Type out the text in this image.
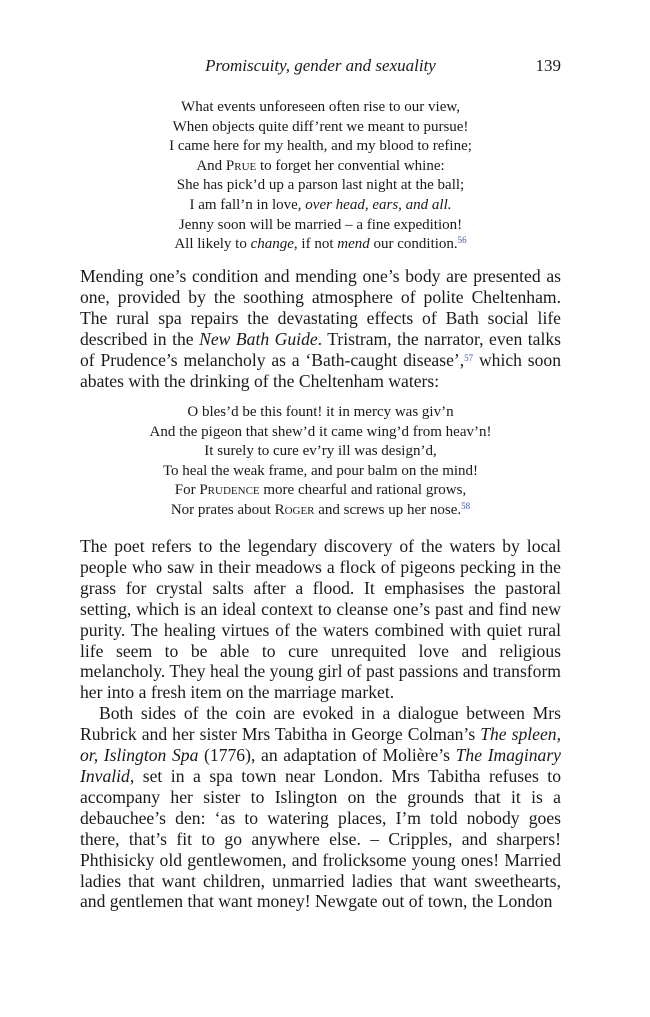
Promiscuity, gender and sexuality	139
What events unforeseen often rise to our view,
When objects quite diff’rent we meant to pursue!
I came here for my health, and my blood to refine;
And Prue to forget her convential whine:
She has pick’d up a parson last night at the ball;
I am fall’n in love, over head, ears, and all.
Jenny soon will be married – a fine expedition!
All likely to change, if not mend our condition.$^{56}$

Mending one’s condition and mending one’s body are presented as one, provided by the soothing atmosphere of polite Cheltenham. The rural spa repairs the devastating effects of Bath social life described in the New Bath Guide. Tristram, the narrator, even talks of Prudence’s melancholy as a ‘Bath-caught disease’,$^{57}$ which soon abates with the drinking of the Cheltenham waters:

O bles’d be this fount! it in mercy was giv’n
And the pigeon that shew’d it came wing’d from heav’n!
It surely to cure ev’ry ill was design’d,
To heal the weak frame, and pour balm on the mind!
For Prudence more chearful and rational grows,
Nor prates about Roger and screws up her nose.$^{58}$

The poet refers to the legendary discovery of the waters by local people who saw in their meadows a flock of pigeons pecking in the grass for crystal salts after a flood. It emphasises the pastoral setting, which is an ideal context to cleanse one’s past and find new purity. The healing virtues of the waters combined with quiet rural life seem to be able to cure unrequited love and religious melancholy. They heal the young girl of past passions and transform her into a fresh item on the marriage market.

Both sides of the coin are evoked in a dialogue between Mrs Rubrick and her sister Mrs Tabitha in George Colman’s The spleen, or, Islington Spa (1776), an adaptation of Molière’s The Imaginary Invalid, set in a spa town near London. Mrs Tabitha refuses to accompany her sister to Islington on the grounds that it is a debauchee’s den: ‘as to watering places, I’m told nobody goes there, that’s fit to go anywhere else. – Cripples, and sharpers! Phthisicky old gentlewomen, and frolicksome young ones! Married ladies that want children, unmarried ladies that want sweethearts, and gentlemen that want money! Newgate out of town, the London
